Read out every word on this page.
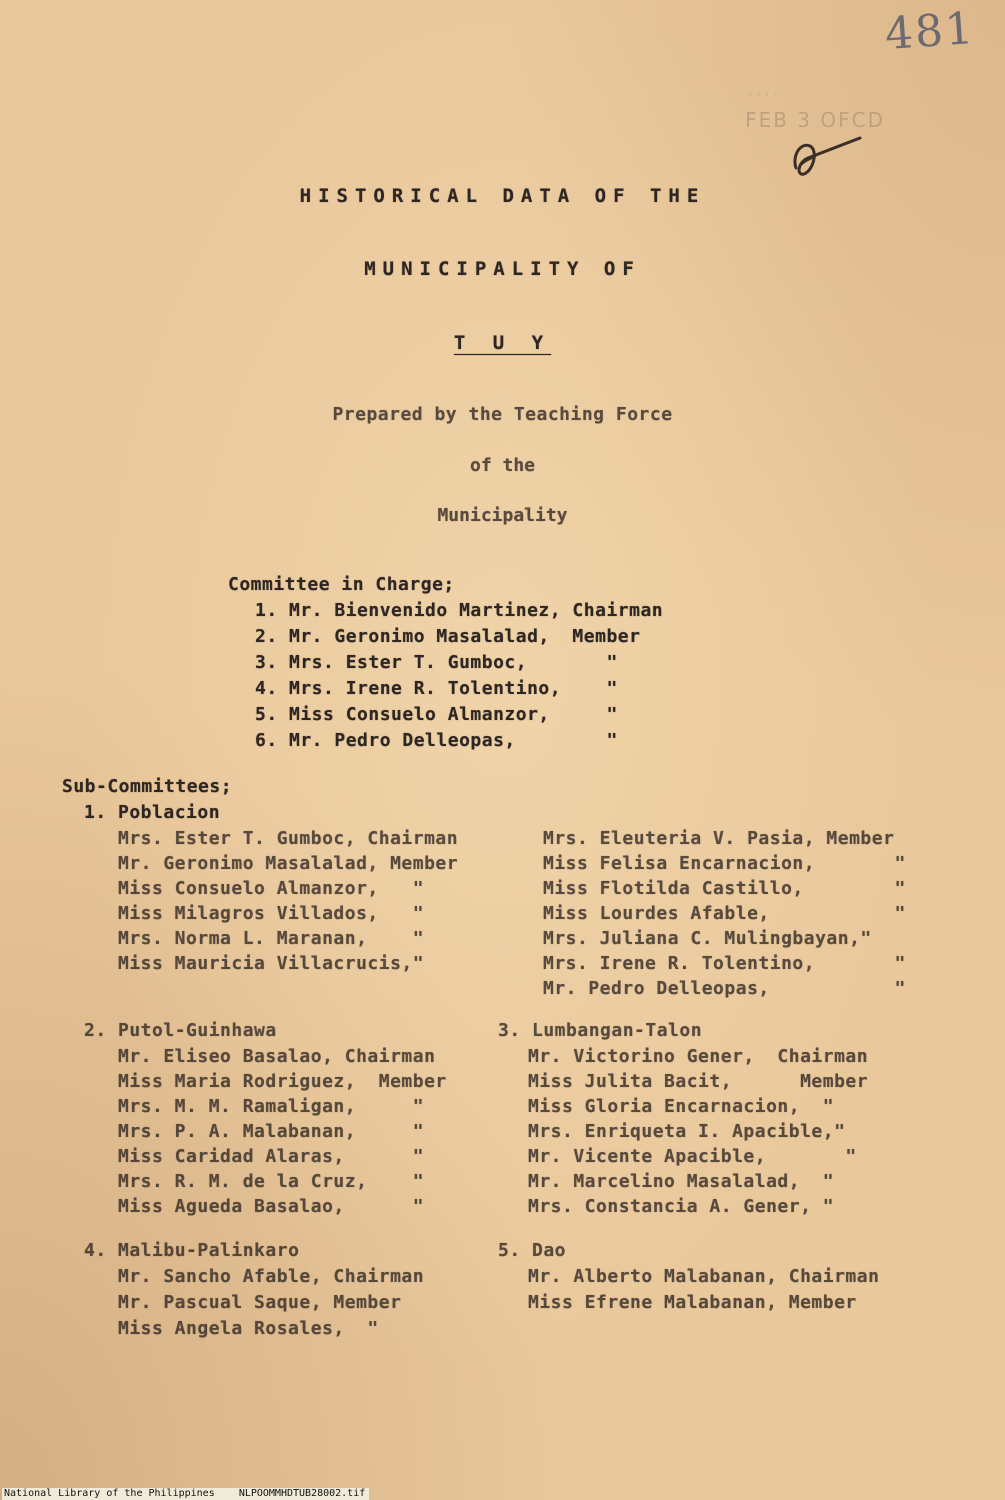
481
· · · ·
FEB 3 OFCD
HISTORICAL DATA OF THE
MUNICIPALITY OF
T U Y
Prepared by the Teaching Force
of the
Municipality
Committee in Charge;
1. Mr. Bienvenido Martinez, Chairman
2. Mr. Geronimo Masalalad,  Member
3. Mrs. Ester T. Gumboc,       "
4. Mrs. Irene R. Tolentino,    "
5. Miss Consuelo Almanzor,     "
6. Mr. Pedro Delleopas,        "
Sub-Committees;
1. Poblacion
Mrs. Ester T. Gumboc, Chairman
Mr. Geronimo Masalalad, Member
Miss Consuelo Almanzor,   "
Miss Milagros Villados,   "
Mrs. Norma L. Maranan,    "
Miss Mauricia Villacrucis,"
Mrs. Eleuteria V. Pasia, Member
Miss Felisa Encarnacion,       "
Miss Flotilda Castillo,        "
Miss Lourdes Afable,           "
Mrs. Juliana C. Mulingbayan,"
Mrs. Irene R. Tolentino,       "
Mr. Pedro Delleopas,           "
2. Putol-Guinhawa
Mr. Eliseo Basalao, Chairman
Miss Maria Rodriguez,  Member
Mrs. M. M. Ramaligan,     "
Mrs. P. A. Malabanan,     "
Miss Caridad Alaras,      "
Mrs. R. M. de la Cruz,    "
Miss Agueda Basalao,      "
3. Lumbangan-Talon
Mr. Victorino Gener,  Chairman
Miss Julita Bacit,      Member
Miss Gloria Encarnacion,  "
Mrs. Enriqueta I. Apacible,"
Mr. Vicente Apacible,       "
Mr. Marcelino Masalalad,  "
Mrs. Constancia A. Gener, "
4. Malibu-Palinkaro
Mr. Sancho Afable, Chairman
Mr. Pascual Saque, Member
Miss Angela Rosales,  "
5. Dao
Mr. Alberto Malabanan, Chairman
Miss Efrene Malabanan, Member
National Library of the Philippines NLPOOMMHDTUB28002.tif
